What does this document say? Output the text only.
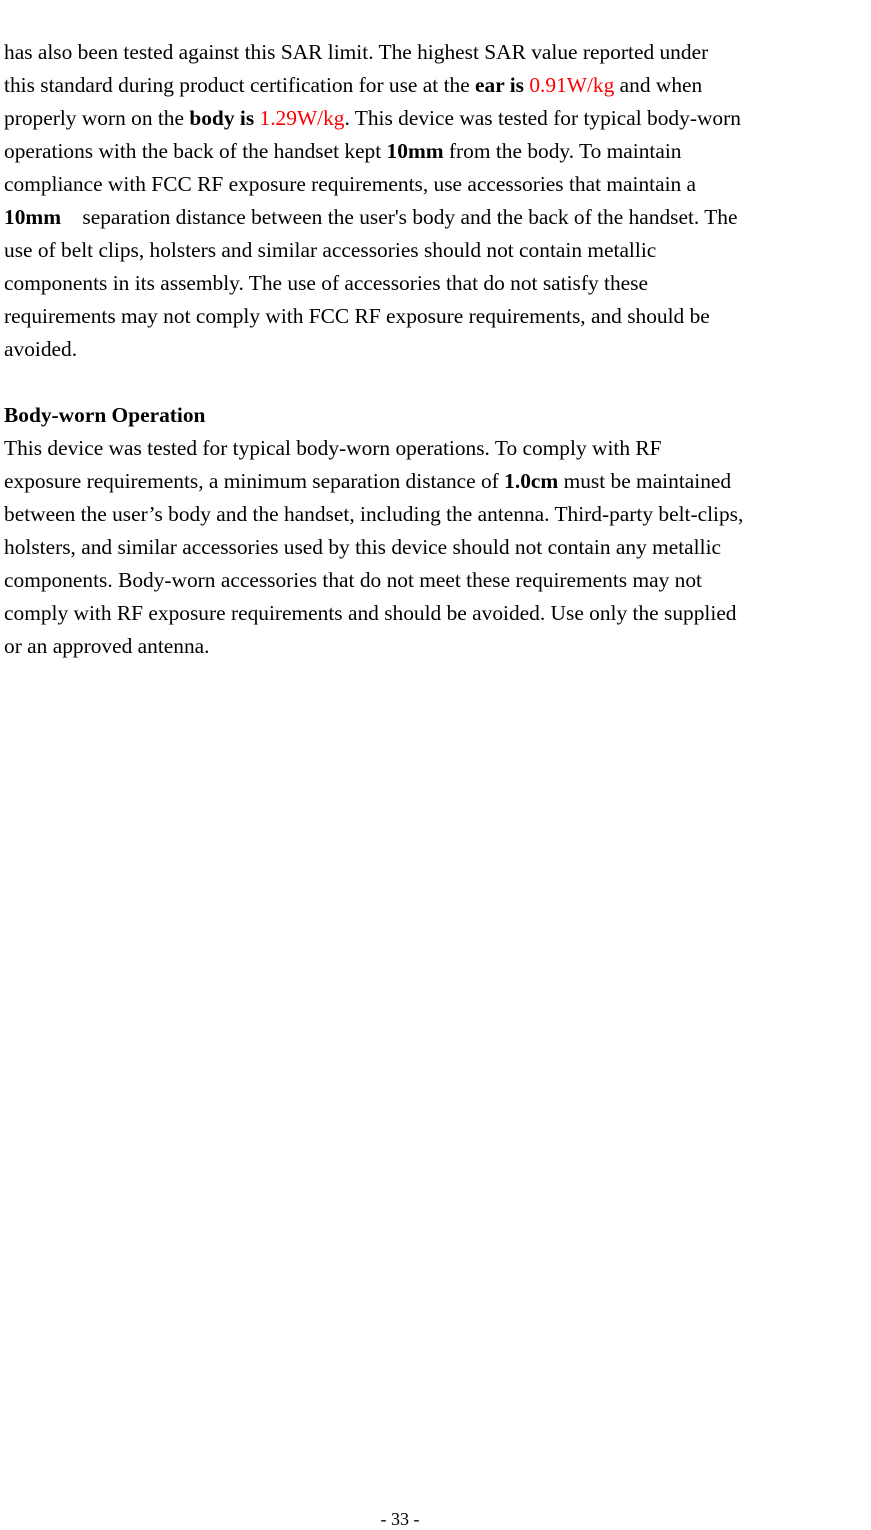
has also been tested against this SAR limit. The highest SAR value reported under
this standard during product certification for use at the ear is 0.91W/kg and when
properly worn on the body is 1.29W/kg. This device was tested for typical body-worn
operations with the back of the handset kept 10mm from the body. To maintain
compliance with FCC RF exposure requirements, use accessories that maintain a
10mm    separation distance between the user's body and the back of the handset. The
use of belt clips, holsters and similar accessories should not contain metallic
components in its assembly. The use of accessories that do not satisfy these
requirements may not comply with FCC RF exposure requirements, and should be
avoided.
Body-worn Operation
This device was tested for typical body-worn operations. To comply with RF
exposure requirements, a minimum separation distance of 1.0cm must be maintained
between the user’s body and the handset, including the antenna. Third-party belt-clips,
holsters, and similar accessories used by this device should not contain any metallic
components. Body-worn accessories that do not meet these requirements may not
comply with RF exposure requirements and should be avoided. Use only the supplied
or an approved antenna.
- 33 -
